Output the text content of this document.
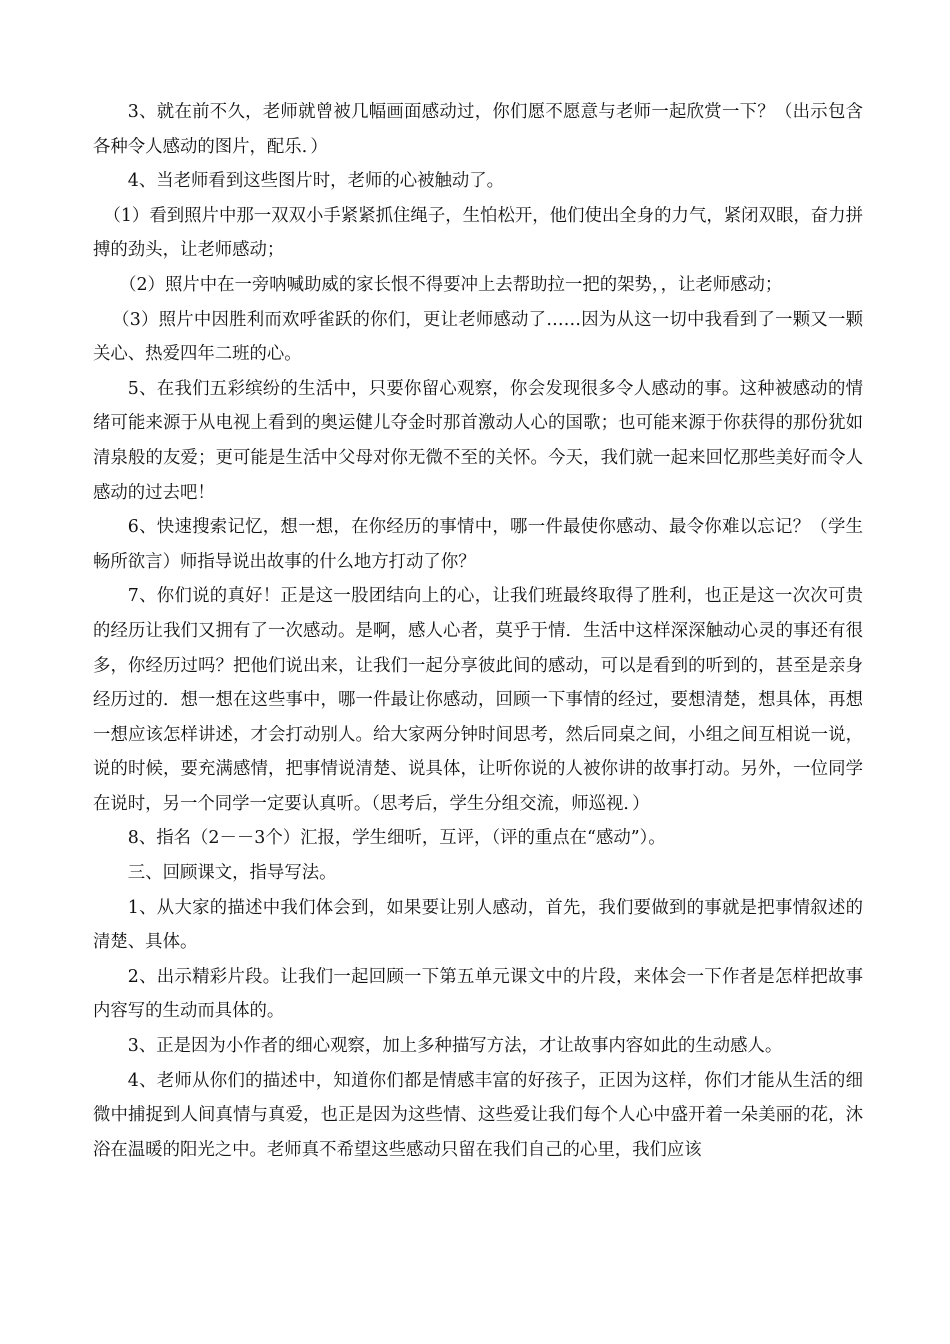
3、就在前不久，老师就曾被几幅画面感动过，你们愿不愿意与老师一起欣赏一下？（出示包含各种令人感动的图片，配乐．）

4、当老师看到这些图片时，老师的心被触动了。

（1）看到照片中那一双双小手紧紧抓住绳子，生怕松开，他们使出全身的力气，紧闭双眼，奋力拼搏的劲头，让老师感动；

（2）照片中在一旁呐喊助威的家长恨不得要冲上去帮助拉一把的架势，，让老师感动；

（3）照片中因胜利而欢呼雀跃的你们，更让老师感动了……因为从这一切中我看到了一颗又一颗关心、热爱四年二班的心。

5、在我们五彩缤纷的生活中，只要你留心观察，你会发现很多令人感动的事。这种被感动的情绪可能来源于从电视上看到的奥运健儿夺金时那首激动人心的国歌；也可能来源于你获得的那份犹如清泉般的友爱；更可能是生活中父母对你无微不至的关怀。今天，我们就一起来回忆那些美好而令人感动的过去吧！

6、快速搜索记忆，想一想，在你经历的事情中，哪一件最使你感动、最令你难以忘记？（学生畅所欲言）师指导说出故事的什么地方打动了你？

7、你们说的真好！正是这一股团结向上的心，让我们班最终取得了胜利，也正是这一次次可贵的经历让我们又拥有了一次感动。是啊，感人心者，莫乎于情．生活中这样深深触动心灵的事还有很多，你经历过吗？把他们说出来，让我们一起分享彼此间的感动，可以是看到的听到的，甚至是亲身经历过的．想一想在这些事中，哪一件最让你感动，回顾一下事情的经过，要想清楚，想具体，再想一想应该怎样讲述，才会打动别人。给大家两分钟时间思考，然后同桌之间，小组之间互相说一说，说的时候，要充满感情，把事情说清楚、说具体，让听你说的人被你讲的故事打动。另外，一位同学在说时，另一个同学一定要认真听。（思考后，学生分组交流，师巡视．）

8、指名（2－－3个）汇报，学生细听，互评，（评的重点在“感动”）。

三、回顾课文，指导写法。

1、从大家的描述中我们体会到，如果要让别人感动，首先，我们要做到的事就是把事情叙述的清楚、具体。

2、出示精彩片段。让我们一起回顾一下第五单元课文中的片段，来体会一下作者是怎样把故事内容写的生动而具体的。

3、正是因为小作者的细心观察，加上多种描写方法，才让故事内容如此的生动感人。

4、老师从你们的描述中，知道你们都是情感丰富的好孩子，正因为这样，你们才能从生活的细微中捕捉到人间真情与真爱，也正是因为这些情、这些爱让我们每个人心中盛开着一朵美丽的花，沐浴在温暖的阳光之中。老师真不希望这些感动只留在我们自己的心里，我们应该
